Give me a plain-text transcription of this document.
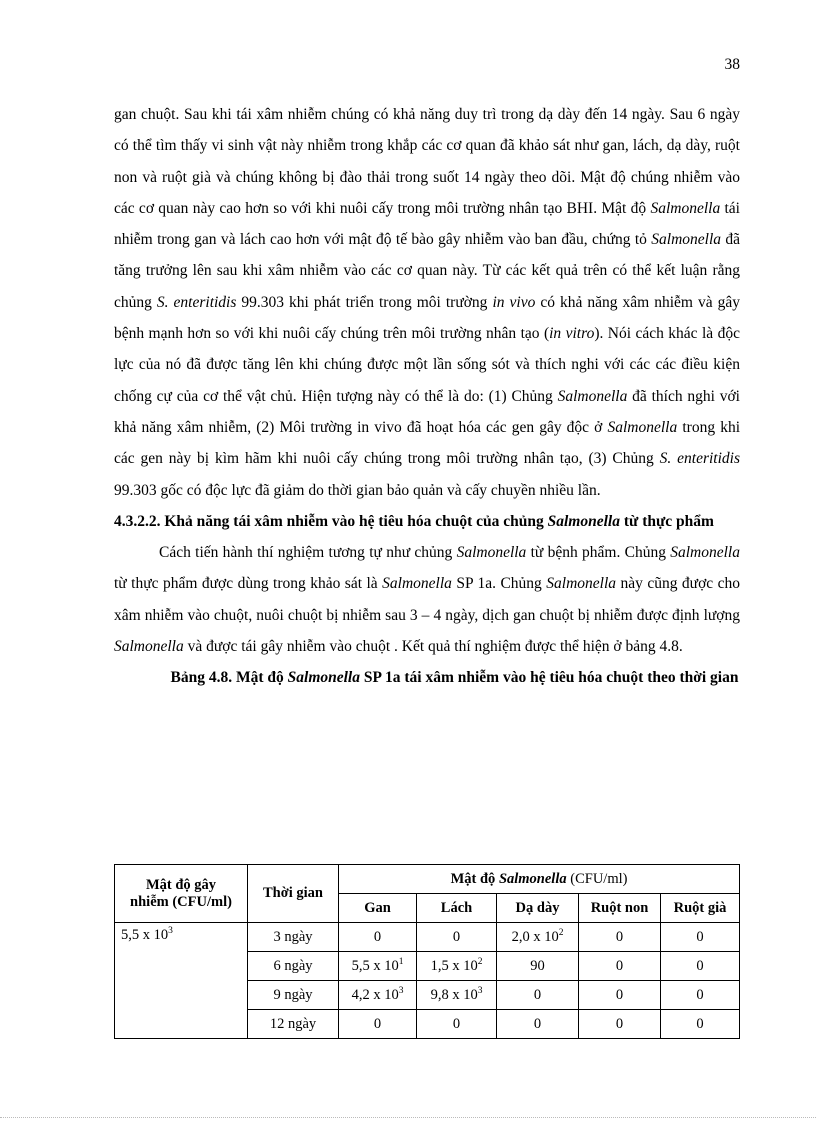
38

gan chuột. Sau khi tái xâm nhiễm chúng có khả năng duy trì trong dạ dày đến 14 ngày. Sau 6 ngày có thể tìm thấy vi sinh vật này nhiễm trong khắp các cơ quan đã khảo sát như gan, lách, dạ dày, ruột non và ruột già và chúng không bị đào thải trong suốt 14 ngày theo dõi. Mật độ chúng nhiễm vào các cơ quan này cao hơn so với khi nuôi cấy trong môi trường nhân tạo BHI. Mật độ Salmonella tái nhiễm trong gan và lách cao hơn với mật độ tế bào gây nhiễm vào ban đầu, chứng tỏ Salmonella đã tăng trưởng lên sau khi xâm nhiễm vào các cơ quan này. Từ các kết quả trên có thể kết luận rằng chủng S. enteritidis 99.303 khi phát triển trong môi trường in vivo có khả năng xâm nhiễm và gây bệnh mạnh hơn so với khi nuôi cấy chúng trên môi trường nhân tạo (in vitro). Nói cách khác là độc lực của nó đã được tăng lên khi chúng được một lần sống sót và thích nghi với các các điều kiện chống cự của cơ thể vật chủ. Hiện tượng này có thể là do: (1) Chủng Salmonella đã thích nghi với khả năng xâm nhiễm, (2) Môi trường in vivo đã hoạt hóa các gen gây độc ở Salmonella trong khi các gen này bị kìm hãm khi nuôi cấy chúng trong môi trường nhân tạo, (3) Chủng S. enteritidis 99.303 gốc có độc lực đã giảm do thời gian bảo quản và cấy chuyền nhiều lần.

4.3.2.2. Khả năng tái xâm nhiễm vào hệ tiêu hóa chuột của chủng Salmonella từ thực phẩm

Cách tiến hành thí nghiệm tương tự như chủng Salmonella từ bệnh phẩm. Chủng Salmonella từ thực phẩm được dùng trong khảo sát là Salmonella SP 1a. Chủng Salmonella này cũng được cho xâm nhiễm vào chuột, nuôi chuột bị nhiễm sau 3 – 4 ngày, dịch gan chuột bị nhiễm được định lượng Salmonella và được tái gây nhiễm vào chuột . Kết quả thí nghiệm được thể hiện ở bảng 4.8.

Bảng 4.8. Mật độ Salmonella SP 1a tái xâm nhiễm vào hệ tiêu hóa chuột theo thời gian

Mật độ gây
nhiễm (CFU/ml)	Thời gian	Mật độ Salmonella (CFU/ml)				
		Gan	Lách	Dạ dày	Ruột non	Ruột già
5,5 x $10^3$	3 ngày	0	0	2,0 x $10^2$	0	0
	6 ngày	5,5 x $10^1$	1,5 x $10^2$	90	0	0
	9 ngày	4,2 x $10^3$	9,8 x $10^3$	0	0	0
	12 ngày	0	0	0	0	0
